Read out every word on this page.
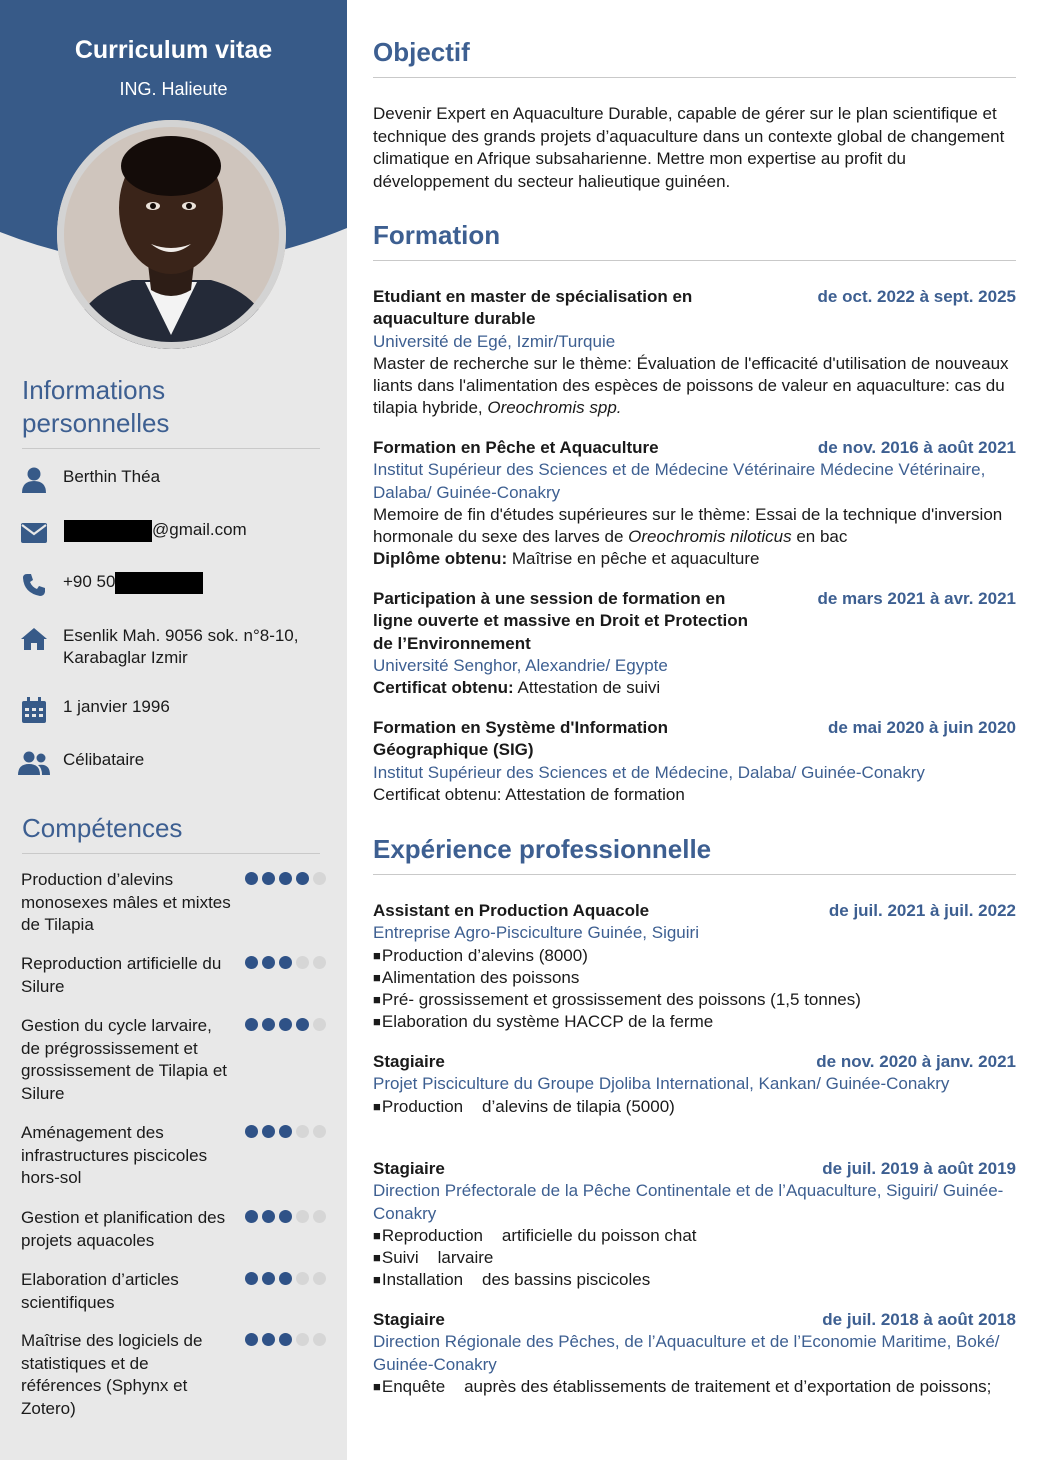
Curriculum vitae
ING. Halieute
Informations
personnelles
Berthin Théa
@gmail.com
+90 50
Esenlik Mah. 9056 sok. n°8-10,
Karabaglar Izmir
1 janvier 1996
Célibataire
Compétences
Production d’alevins monosexes mâles et mixtes de Tilapia
Reproduction artificielle du Silure
Gestion du cycle larvaire, de prégrossissement et grossissement de Tilapia et Silure
Aménagement des infrastructures piscicoles hors-sol
Gestion et planification des projets aquacoles
Elaboration d’articles scientifiques
Maîtrise des logiciels de statistiques et de références (Sphynx et Zotero)
Objectif

Devenir Expert en Aquaculture Durable, capable de gérer sur le plan scientifique et technique des grands projets d’aquaculture dans un contexte global de changement climatique en Afrique subsaharienne. Mettre mon expertise au profit du développement du secteur halieutique guinéen.

Formation
Etudiant en master de spécialisation en aquaculture durable
de oct. 2022 à sept. 2025
Université de Egé, Izmir/Turquie
Master de recherche sur le thème: Évaluation de l'efficacité d'utilisation de nouveaux liants dans l'alimentation des espèces de poissons de valeur en aquaculture: cas du tilapia hybride, Oreochromis spp.
Formation en Pêche et Aquaculture	de nov. 2016 à août 2021
Institut Supérieur des Sciences et de Médecine Vétérinaire Médecine Vétérinaire, Dalaba/ Guinée-Conakry
Memoire de fin d'études supérieures sur le thème: Essai de la technique d'inversion hormonale du sexe des larves de Oreochromis niloticus en bac
Diplôme obtenu: Maîtrise en pêche et aquaculture
Participation à une session de formation en ligne ouverte et massive en Droit et Protection de l’Environnement
de mars 2021 à avr. 2021
Université Senghor, Alexandrie/ Egypte
Certificat obtenu: Attestation de suivi
Formation en Système d'Information Géographique (SIG)
de mai 2020 à juin 2020
Institut Supérieur des Sciences et de Médecine, Dalaba/ Guinée-Conakry
Certificat obtenu: Attestation de formation
Expérience professionnelle
Assistant en Production Aquacole	de juil. 2021 à juil. 2022
Entreprise Agro-Pisciculture Guinée, Siguiri
■ Production d’alevins (8000)
■ Alimentation des poissons
■ Pré- grossissement et grossissement des poissons (1,5 tonnes)
■ Elaboration du système HACCP de la ferme
Stagiaire	de nov. 2020 à janv. 2021
Projet Pisciculture du Groupe Djoliba International, Kankan/ Guinée-Conakry
■ Production    d’alevins de tilapia (5000)
Stagiaire	de juil. 2019 à août 2019
Direction Préfectorale de la Pêche Continentale et de l’Aquaculture, Siguiri/ Guinée-Conakry
■ Reproduction    artificielle du poisson chat
■ Suivi    larvaire
■ Installation    des bassins piscicoles
Stagiaire	de juil. 2018 à août 2018
Direction Régionale des Pêches, de l’Aquaculture et de l’Economie Maritime, Boké/ Guinée-Conakry
■ Enquête    auprès des établissements de traitement et d’exportation de poissons;
